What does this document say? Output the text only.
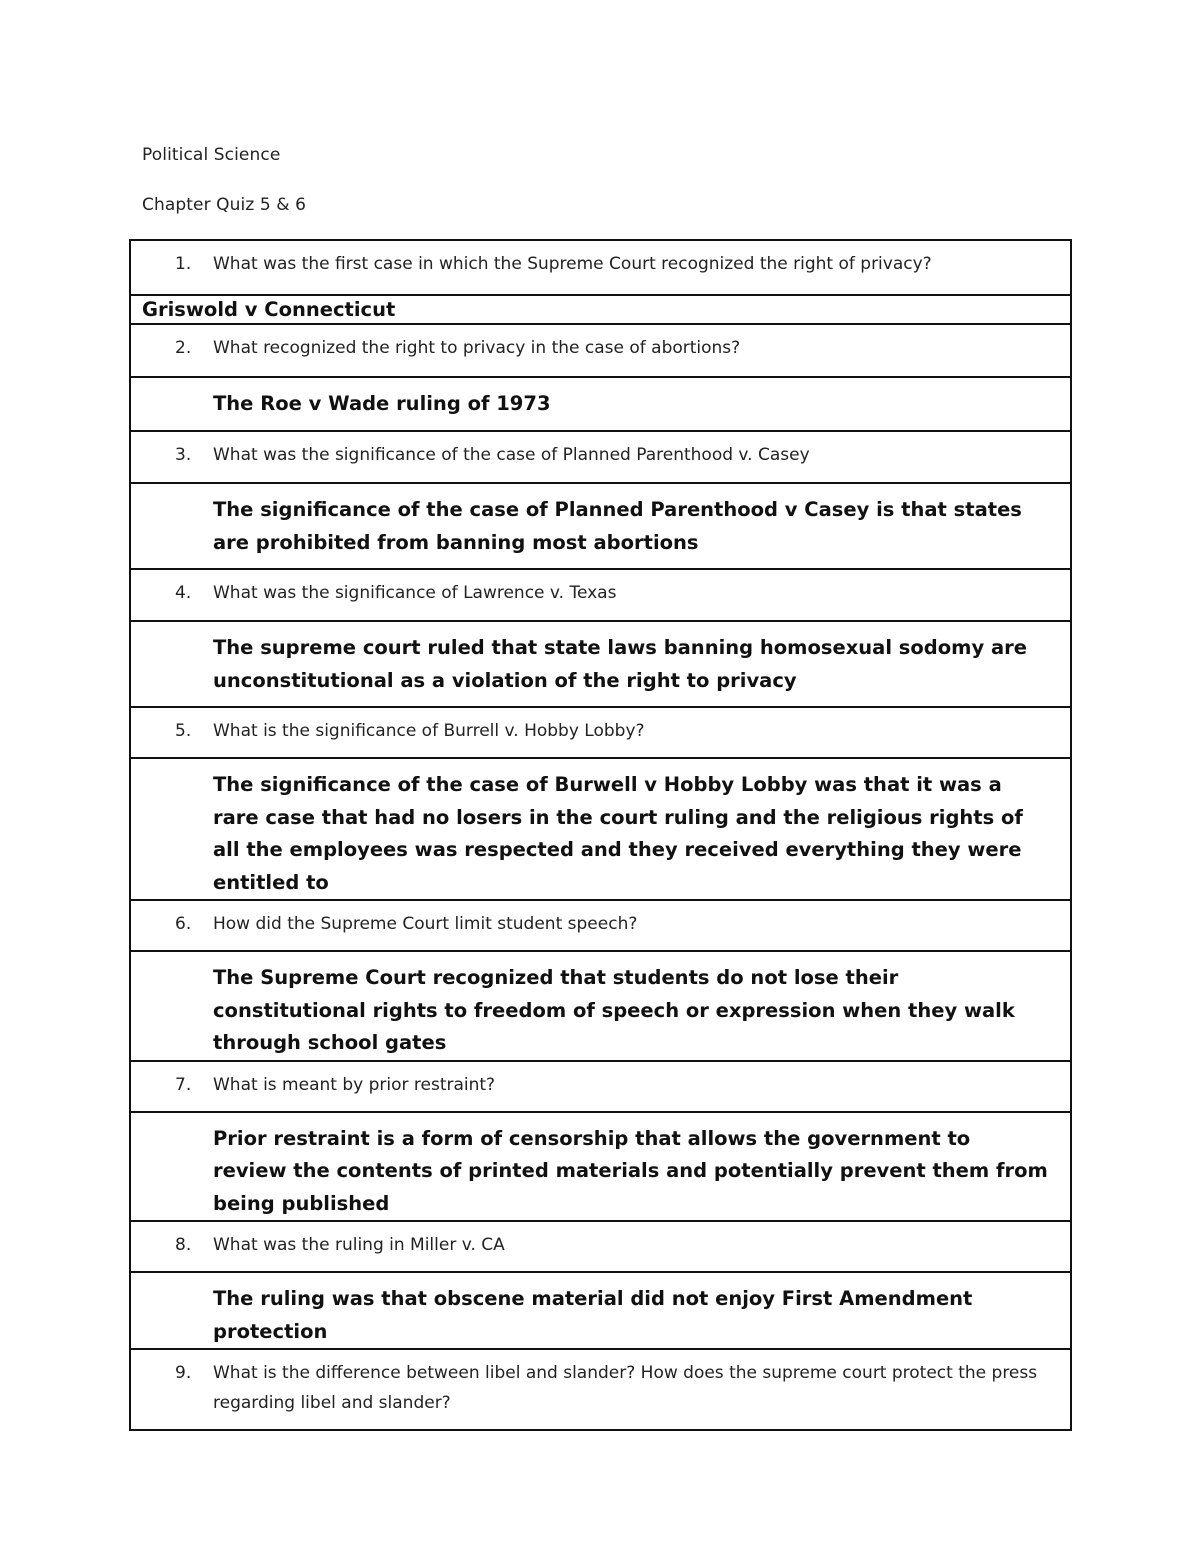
Political Science
Chapter Quiz 5 & 6
1. What was the first case in which the Supreme Court recognized the right of privacy?
Griswold v Connecticut

2. What recognized the right to privacy in the case of abortions?
The Roe v Wade ruling of 1973

3. What was the significance of the case of Planned Parenthood v. Casey
The significance of the case of Planned Parenthood v Casey is that states are prohibited from banning most abortions

4. What was the significance of Lawrence v. Texas
The supreme court ruled that state laws banning homosexual sodomy are unconstitutional as a violation of the right to privacy

5. What is the significance of Burrell v. Hobby Lobby?
The significance of the case of Burwell v Hobby Lobby was that it was a rare case that had no losers in the court ruling and the religious rights of all the employees was respected and they received everything they were entitled to

6. How did the Supreme Court limit student speech?
The Supreme Court recognized that students do not lose their constitutional rights to freedom of speech or expression when they walk through school gates

7. What is meant by prior restraint?
Prior restraint is a form of censorship that allows the government to review the contents of printed materials and potentially prevent them from being published

8. What was the ruling in Miller v. CA
The ruling was that obscene material did not enjoy First Amendment protection

9. What is the difference between libel and slander? How does the supreme court protect the press regarding libel and slander?
